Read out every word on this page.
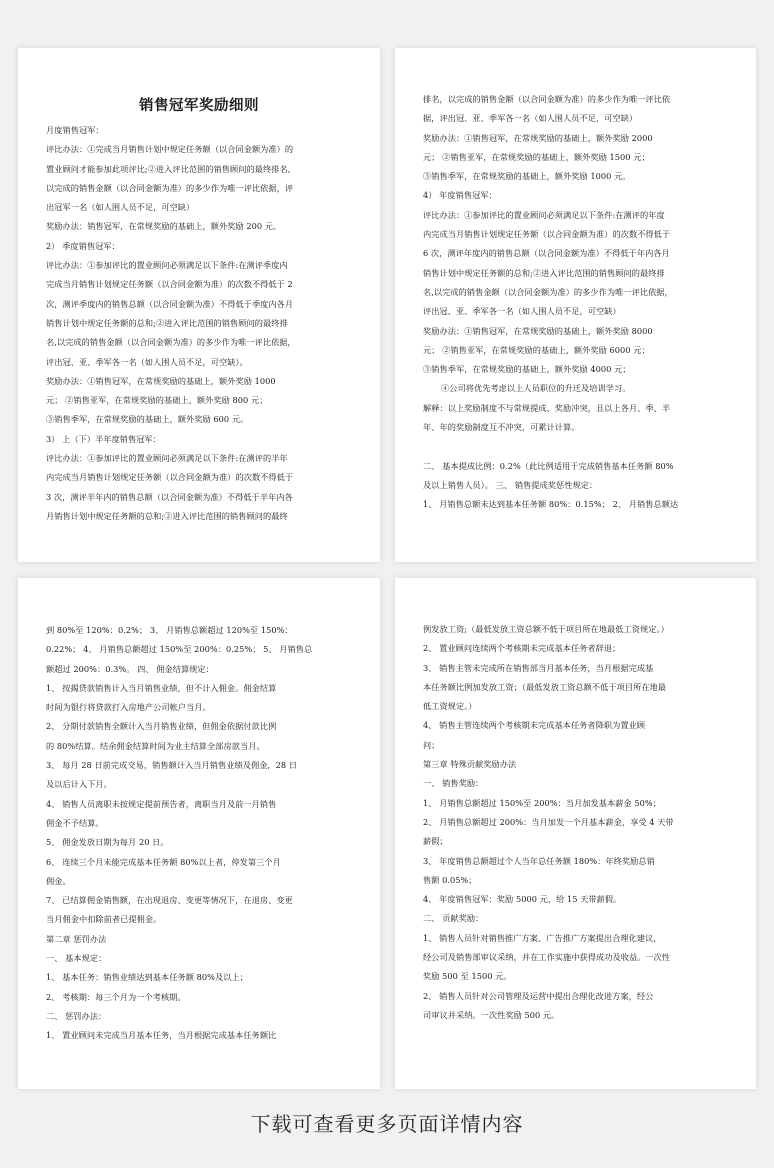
销售冠军奖励细则
月度销售冠军：
评比办法：①完成当月销售计划中规定任务额（以合同金额为准）的
置业顾问才能参加此项评比;②进入评比范围的销售顾问的最终排名,
以完成的销售金额（以合同金额为准）的多少作为唯一评比依据，评
出冠军一名（如人围人员不足，可空缺）
奖励办法：销售冠军，在常规奖励的基础上，额外奖励 200 元。
2） 季度销售冠军：
评比办法：①参加评比的置业顾问必须满足以下条件:在测评季度内
完成当月销售计划规定任务额（以合同金额为准）的次数不得低于 2
次，测评季度内的销售总额（以合同金额为准）不得低于季度内各月
销售计划中规定任务额的总和;②进入评比范围的销售顾问的最终排
名,以完成的销售金额（以合同金额为准）的多少作为唯一评比依据，
评出冠、亚、季军各一名（如人围人员不足，可空缺）。
奖励办法：①销售冠军，在常规奖励的基础上，额外奖励 1000
元； ②销售亚军，在常规奖励的基础上，额外奖励 800 元；
③销售季军，在常规奖励的基础上，额外奖励 600 元。
3） 上（下）半年度销售冠军：
评比办法：①参加评比的置业顾问必须满足以下条件:在测评的半年
内完成当月销售计划规定任务额（以合同金额为准）的次数不得低于
3 次，测评半年内的销售总额（以合同金额为准）不得低于半年内各
月销售计划中规定任务额的总和;②进入评比范围的销售顾问的最终
排名，以完成的销售金额（以合同金额为准）的多少作为唯一评比依
据，评出冠、亚、季军各一名（如人围人员不足，可空缺）
奖励办法：①销售冠军，在常规奖励的基础上，额外奖励 2000
元； ②销售亚军，在常规奖励的基础上，额外奖励 1500 元；
③销售季军，在常规奖励的基础上，额外奖励 1000 元。
4） 年度销售冠军：
评比办法：①参加评比的置业顾问必须满足以下条件:在测评的年度
内完成当月销售计划规定任务额（以合同金额为准）的次数不得低于
6 次，测评年度内的销售总额（以合同金额为准）不得低于年内各月
销售计划中规定任务额的总和;②进入评比范围的销售顾问的最终排
名,以完成的销售金额（以合同金额为准）的多少作为唯一评比依据，
评出冠、亚、季军各一名（如人围人员不足，可空缺）
奖励办法：①销售冠军，在常规奖励的基础上，额外奖励 8000
元； ②销售亚军，在常规奖励的基础上，额外奖励 6000 元；
③销售季军，在常规奖励的基础上，额外奖励 4000 元；
④公司将优先考虑以上人员职位的升迁及培训学习。
解释：以上奖励制度不与常规提成、奖励冲突，且以上各月、季、半
年、年的奖励制度互不冲突，可累计计算。
二、 基本提成比例：0.2%（此比例适用于完成销售基本任务额 80%
及以上销售人员）。 三、 销售提成奖惩性规定：
1、 月销售总额未达到基本任务额 80%：0.15%； 2、 月销售总额达
到 80%至 120%：0.2%； 3、 月销售总额超过 120%至 150%：
0.22%； 4、 月销售总额超过 150%至 200%：0.25%； 5、 月销售总
额超过 200%：0.3%。 四、 佣金结算规定：
1、 按揭贷款销售计入当月销售业绩，但不计入佣金。佣金结算
时间为银行将贷款打入房地产公司帐户当月。
2、 分期付款销售全额计入当月销售业绩，但佣金依据付款比例
的 80%结算。结余佣金结算时间为业主结算全部房款当月。
3、 每月 28 日前完成交易，销售额计入当月销售业绩及佣金，28 日
及以后计入下月。
4、 销售人员离职未按规定提前预告者，离职当月及前一月销售
佣金不予结算。
5、 佣金发放日期为每月 20 日。
6、 连续三个月未能完成基本任务额 80%以上者，停发第三个月
佣金。
7、 已结算佣金销售额，在出现退房、变更等情况下，在退房、变更
当月佣金中扣除前者已提佣金。
第二章 惩罚办法
一、 基本规定：
1、 基本任务：销售业绩达到基本任务额 80%及以上；
2、 考核期：每三个月为一个考核期。
二、 惩罚办法：
1、 置业顾问未完成当月基本任务，当月根据完成基本任务额比
例发放工资;（最低发放工资总额不低于项目所在地最低工资规定。）
2、 置业顾问连续两个考核期未完成基本任务者辞退；
3、 销售主管未完成所在销售部当月基本任务，当月根据完成基
本任务额比例加发放工资；（最低发放工资总额不低于项目所在地最
低工资规定。）
4、 销售主管连续两个考核期未完成基本任务者降职为置业顾
问；
第三章 特殊贡献奖励办法
一、 销售奖励：
1、 月销售总额超过 150%至 200%：当月加发基本薪金 50%；
2、 月销售总额超过 200%：当月加发一个月基本薪金，享受 4 天带
薪假；
3、 年度销售总额超过个人当年总任务额 180%：年终奖励总销
售额 0.05%；
4、 年度销售冠军：奖励 5000 元，给 15 天带薪假。
二、 贡献奖励：
1、 销售人员针对销售推广方案、广告推广方案提出合理化建议，
经公司及销售部审议采纳，并在工作实施中获得成功及收益。一次性
奖励 500 至 1500 元。
2、 销售人员针对公司管理及运营中提出合理化改进方案，经公
司审议并采纳。一次性奖励 500 元。
下载可查看更多页面详情内容
